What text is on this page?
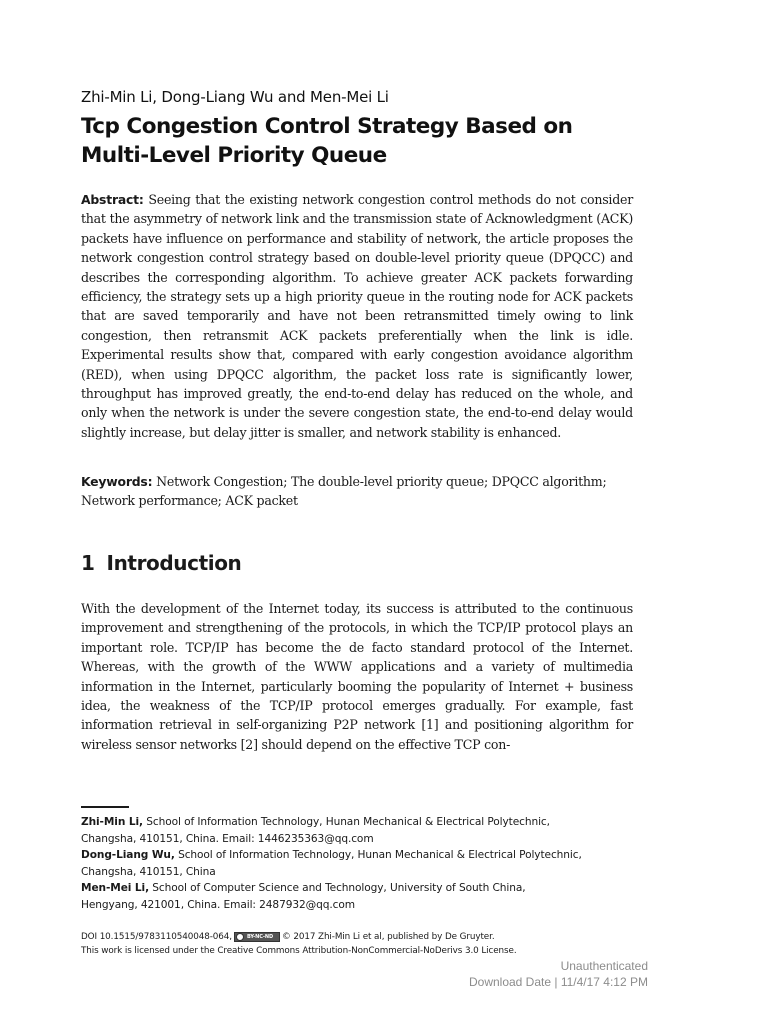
Zhi-Min Li, Dong-Liang Wu and Men-Mei Li
Tcp Congestion Control Strategy Based on
Multi-Level Priority Queue

Abstract: Seeing that the existing network congestion control methods do not consider that the asymmetry of network link and the transmission state of Acknowledgment (ACK) packets have influence on performance and stability of network, the article proposes the network congestion control strategy based on double-level priority queue (DPQCC) and describes the corresponding algorithm. To achieve greater ACK packets forwarding efficiency, the strategy sets up a high priority queue in the routing node for ACK packets that are saved temporarily and have not been retransmitted timely owing to link congestion, then retransmit ACK packets preferentially when the link is idle. Experimental results show that, compared with early congestion avoidance algorithm (RED), when using DPQCC algorithm, the packet loss rate is significantly lower, throughput has improved greatly, the end-to-end delay has reduced on the whole, and only when the network is under the severe congestion state, the end-to-end delay would slightly increase, but delay jitter is smaller, and network stability is enhanced.

Keywords: Network Congestion; The double-level priority queue; DPQCC algorithm; Network performance; ACK packet

1 Introduction

With the development of the Internet today, its success is attributed to the continuous improvement and strengthening of the protocols, in which the TCP/IP protocol plays an important role. TCP/IP has become the de facto standard protocol of the Internet. Whereas, with the growth of the WWW applications and a variety of multimedia information in the Internet, particularly booming the popularity of Internet + business idea, the weakness of the TCP/IP protocol emerges gradually. For example, fast information retrieval in self-organizing P2P network [1] and positioning algorithm for wireless sensor networks [2] should depend on the effective TCP con-

Zhi-Min Li, School of Information Technology, Hunan Mechanical & Electrical Polytechnic,
Changsha, 410151, China. Email: 1446235363@qq.com

Dong-Liang Wu, School of Information Technology, Hunan Mechanical & Electrical Polytechnic,
Changsha, 410151, China

Men-Mei Li, School of Computer Science and Technology, University of South China,
Hengyang, 421001, China. Email: 2487932@qq.com

DOI 10.1515/9783110540048-064,	BY-NC-ND © 2017 Zhi-Min Li et al, published by De Gruyter.

This work is licensed under the Creative Commons Attribution-NonCommercial-NoDerivs 3.0 License.

Unauthenticated
Download Date | 11/4/17 4:12 PM
